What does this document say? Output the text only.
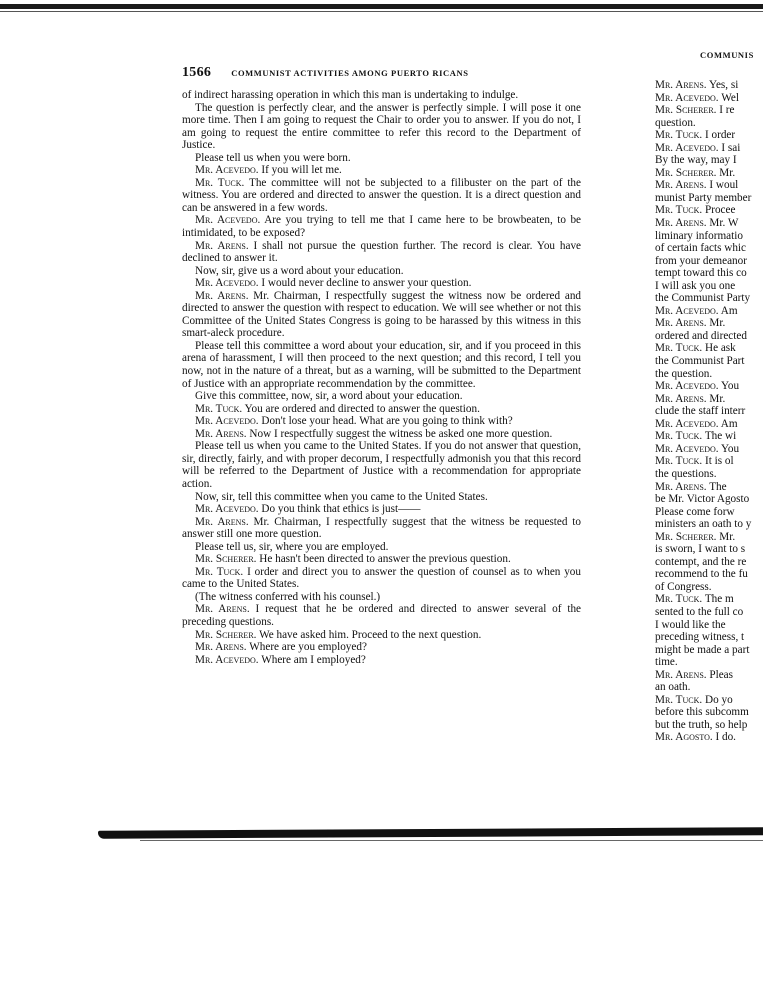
1566 COMMUNIST ACTIVITIES AMONG PUERTO RICANS
COMMUNIS

of indirect harassing operation in which this man is undertaking to indulge.

The question is perfectly clear, and the answer is perfectly simple. I will pose it one more time. Then I am going to request the Chair to order you to answer. If you do not, I am going to request the entire committee to refer this record to the Department of Justice.

Please tell us when you were born.

Mr. Acevedo. If you will let me.

Mr. Tuck. The committee will not be subjected to a filibuster on the part of the witness. You are ordered and directed to answer the question. It is a direct question and can be answered in a few words.

Mr. Acevedo. Are you trying to tell me that I came here to be browbeaten, to be intimidated, to be exposed?

Mr. Arens. I shall not pursue the question further. The record is clear. You have declined to answer it.

Now, sir, give us a word about your education.

Mr. Acevedo. I would never decline to answer your question.

Mr. Arens. Mr. Chairman, I respectfully suggest the witness now be ordered and directed to answer the question with respect to education. We will see whether or not this Committee of the United States Congress is going to be harassed by this witness in this smart-aleck procedure.

Please tell this committee a word about your education, sir, and if you proceed in this arena of harassment, I will then proceed to the next question; and this record, I tell you now, not in the nature of a threat, but as a warning, will be submitted to the Department of Justice with an appropriate recommendation by the committee.

Give this committee, now, sir, a word about your education.

Mr. Tuck. You are ordered and directed to answer the question.

Mr. Acevedo. Don't lose your head. What are you going to think with?

Mr. Arens. Now I respectfully suggest the witness be asked one more question.

Please tell us when you came to the United States. If you do not answer that question, sir, directly, fairly, and with proper decorum, I respectfully admonish you that this record will be referred to the Department of Justice with a recommendation for appropriate action.

Now, sir, tell this committee when you came to the United States.

Mr. Acevedo. Do you think that ethics is just——

Mr. Arens. Mr. Chairman, I respectfully suggest that the witness be requested to answer still one more question.

Please tell us, sir, where you are employed.

Mr. Scherer. He hasn't been directed to answer the previous question.

Mr. Tuck. I order and direct you to answer the question of counsel as to when you came to the United States.

(The witness conferred with his counsel.)

Mr. Arens. I request that he be ordered and directed to answer several of the preceding questions.

Mr. Scherer. We have asked him. Proceed to the next question.

Mr. Arens. Where are you employed?

Mr. Acevedo. Where am I employed?

Mr. Arens. Yes, si

Mr. Acevedo. Wel

Mr. Scherer. I re

question.

Mr. Tuck. I order

Mr. Acevedo. I sai

By the way, may I

Mr. Scherer. Mr.

Mr. Arens. I woul

munist Party member

Mr. Tuck. Procee

Mr. Arens. Mr. W

liminary informatio

of certain facts whic

from your demeanor

tempt toward this co

I will ask you one

the Communist Party

Mr. Acevedo. Am

Mr. Arens. Mr.

ordered and directed

Mr. Tuck. He ask

the Communist Part

the question.

Mr. Acevedo. You

Mr. Arens. Mr.

clude the staff interr

Mr. Acevedo. Am

Mr. Tuck. The wi

Mr. Acevedo. You

Mr. Tuck. It is ol

the questions.

Mr. Arens. The

be Mr. Victor Agosto

Please come forw

ministers an oath to y

Mr. Scherer. Mr.

is sworn, I want to s

contempt, and the re

recommend to the fu

of Congress.

Mr. Tuck. The m

sented to the full co

I would like the

preceding witness, t

might be made a part

time.

Mr. Arens. Pleas

an oath.

Mr. Tuck. Do yo

before this subcomm

but the truth, so help

Mr. Agosto. I do.
